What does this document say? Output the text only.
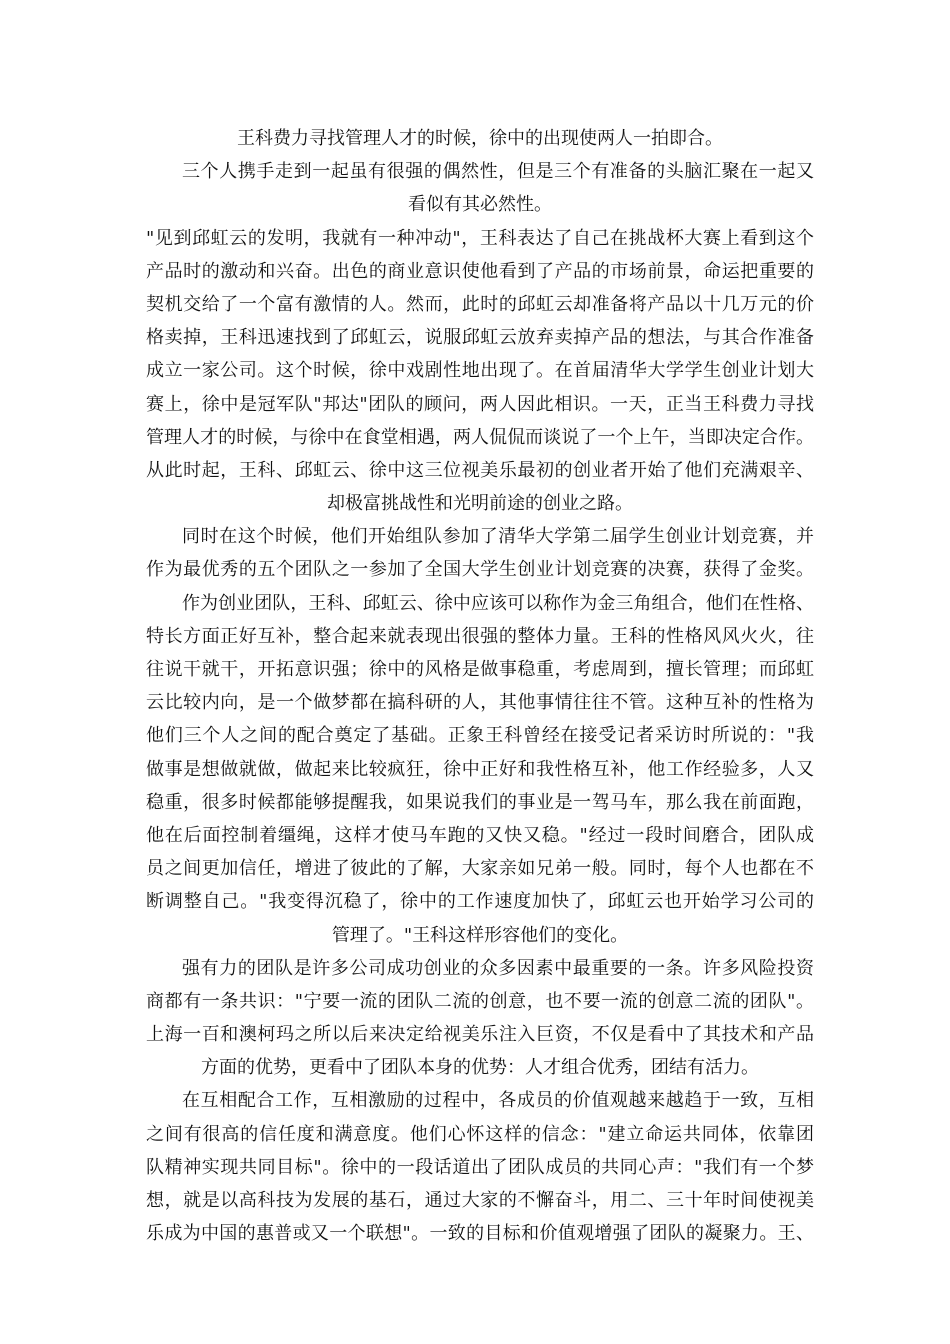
王科费力寻找管理人才的时候，徐中的出现使两人一拍即合。
三个人携手走到一起虽有很强的偶然性，但是三个有准备的头脑汇聚在一起又
看似有其必然性。
"见到邱虹云的发明，我就有一种冲动"，王科表达了自己在挑战杯大赛上看到这个
产品时的激动和兴奋。出色的商业意识使他看到了产品的市场前景，命运把重要的
契机交给了一个富有激情的人。然而，此时的邱虹云却准备将产品以十几万元的价
格卖掉，王科迅速找到了邱虹云，说服邱虹云放弃卖掉产品的想法，与其合作准备
成立一家公司。这个时候，徐中戏剧性地出现了。在首届清华大学学生创业计划大
赛上，徐中是冠军队"邦达"团队的顾问，两人因此相识。一天，正当王科费力寻找
管理人才的时候，与徐中在食堂相遇，两人侃侃而谈说了一个上午，当即决定合作。
从此时起，王科、邱虹云、徐中这三位视美乐最初的创业者开始了他们充满艰辛、
却极富挑战性和光明前途的创业之路。
同时在这个时候，他们开始组队参加了清华大学第二届学生创业计划竞赛，并
作为最优秀的五个团队之一参加了全国大学生创业计划竞赛的决赛，获得了金奖。
作为创业团队，王科、邱虹云、徐中应该可以称作为金三角组合，他们在性格、
特长方面正好互补，整合起来就表现出很强的整体力量。王科的性格风风火火，往
往说干就干，开拓意识强；徐中的风格是做事稳重，考虑周到，擅长管理；而邱虹
云比较内向，是一个做梦都在搞科研的人，其他事情往往不管。这种互补的性格为
他们三个人之间的配合奠定了基础。正象王科曾经在接受记者采访时所说的："我
做事是想做就做，做起来比较疯狂，徐中正好和我性格互补，他工作经验多，人又
稳重，很多时候都能够提醒我，如果说我们的事业是一驾马车，那么我在前面跑，
他在后面控制着缰绳，这样才使马车跑的又快又稳。"经过一段时间磨合，团队成
员之间更加信任，增进了彼此的了解，大家亲如兄弟一般。同时，每个人也都在不
断调整自己。"我变得沉稳了，徐中的工作速度加快了，邱虹云也开始学习公司的
管理了。"王科这样形容他们的变化。
强有力的团队是许多公司成功创业的众多因素中最重要的一条。许多风险投资
商都有一条共识："宁要一流的团队二流的创意，也不要一流的创意二流的团队"。
上海一百和澳柯玛之所以后来决定给视美乐注入巨资，不仅是看中了其技术和产品
方面的优势，更看中了团队本身的优势：人才组合优秀，团结有活力。
在互相配合工作，互相激励的过程中，各成员的价值观越来越趋于一致，互相
之间有很高的信任度和满意度。他们心怀这样的信念："建立命运共同体，依靠团
队精神实现共同目标"。徐中的一段话道出了团队成员的共同心声："我们有一个梦
想，就是以高科技为发展的基石，通过大家的不懈奋斗，用二、三十年时间使视美
乐成为中国的惠普或又一个联想"。一致的目标和价值观增强了团队的凝聚力。王、
